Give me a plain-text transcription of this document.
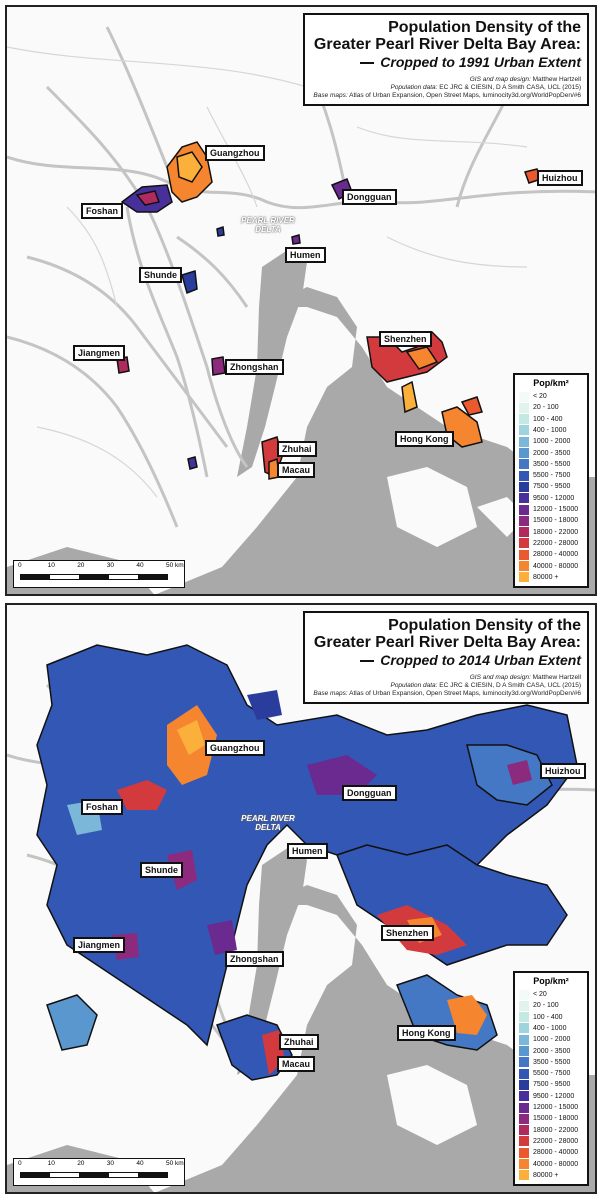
PEARL RIVER
DELTA
Guangzhou
Foshan
Dongguan
Huizhou
Shunde
Humen
Jiangmen
Zhongshan
Shenzhen
Hong Kong
Zhuhai
Macau
Population Density of the
Greater Pearl River Delta Bay Area:
Cropped to 1991 Urban Extent
GIS and map design: Matthew Hartzell
Population data: EC JRC & CIESIN, D A Smith CASA, UCL (2015)
Base maps: Atlas of Urban Expansion, Open Street Maps, luminocity3d.org/WorldPopDen/#6
Pop/km²
< 20
20 - 100
100 - 400
400 - 1000
1000 - 2000
2000 - 3500
3500 - 5500
5500 - 7500
7500 - 9500
9500 - 12000
12000 - 15000
15000 - 18000
18000 - 22000
22000 - 28000
28000 - 40000
40000 - 80000
80000 +
0	10	20	30	40	50 km
PEARL RIVER
DELTA
Guangzhou
Foshan
Dongguan
Huizhou
Shunde
Humen
Jiangmen
Zhongshan
Shenzhen
Hong Kong
Zhuhai
Macau
Population Density of the
Greater Pearl River Delta Bay Area:
Cropped to 2014 Urban Extent
GIS and map design: Matthew Hartzell
Population data: EC JRC & CIESIN, D A Smith CASA, UCL (2015)
Base maps: Atlas of Urban Expansion, Open Street Maps, luminocity3d.org/WorldPopDen/#6
Pop/km²
< 20
20 - 100
100 - 400
400 - 1000
1000 - 2000
2000 - 3500
3500 - 5500
5500 - 7500
7500 - 9500
9500 - 12000
12000 - 15000
15000 - 18000
18000 - 22000
22000 - 28000
28000 - 40000
40000 - 80000
80000 +
0	10	20	30	40	50 km
